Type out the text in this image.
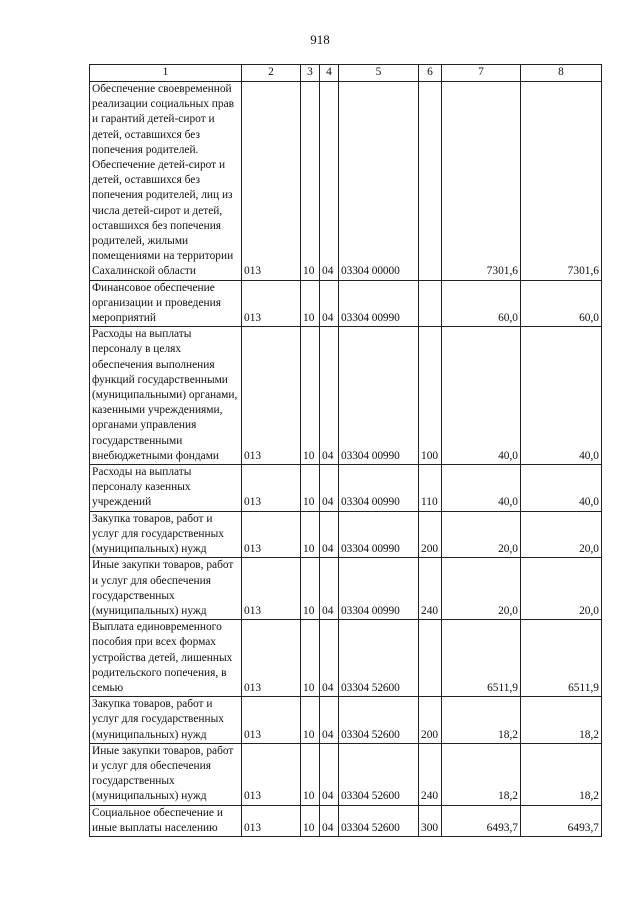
918
1	2	3	4	5	6	7	8
Обеспечение своевременной реализации социальных прав и гарантий детей-сирот и детей, оставшихся без попечения родителей. Обеспечение детей-сирот и детей, оставшихся без попечения родителей, лиц из числа детей-сирот и детей, оставшихся без попечения родителей, жилыми помещениями на территории Сахалинской области	013	10	04	03304 00000		7301,6	7301,6
Финансовое обеспечение организации и проведения мероприятий	013	10	04	03304 00990		60,0	60,0
Расходы на выплаты персоналу в целях обеспечения выполнения функций государственными (муниципальными) органами, казенными учреждениями, органами управления государственными внебюджетными фондами	013	10	04	03304 00990	100	40,0	40,0
Расходы на выплаты персоналу казенных учреждений	013	10	04	03304 00990	110	40,0	40,0
Закупка товаров, работ и услуг для государственных (муниципальных) нужд	013	10	04	03304 00990	200	20,0	20,0
Иные закупки товаров, работ и услуг для обеспечения государственных (муниципальных) нужд	013	10	04	03304 00990	240	20,0	20,0
Выплата единовременного пособия при всех формах устройства детей, лишенных родительского попечения, в семью	013	10	04	03304 52600		6511,9	6511,9
Закупка товаров, работ и услуг для государственных (муниципальных) нужд	013	10	04	03304 52600	200	18,2	18,2
Иные закупки товаров, работ и услуг для обеспечения государственных (муниципальных) нужд	013	10	04	03304 52600	240	18,2	18,2
Социальное обеспечение и иные выплаты населению	013	10	04	03304 52600	300	6493,7	6493,7
